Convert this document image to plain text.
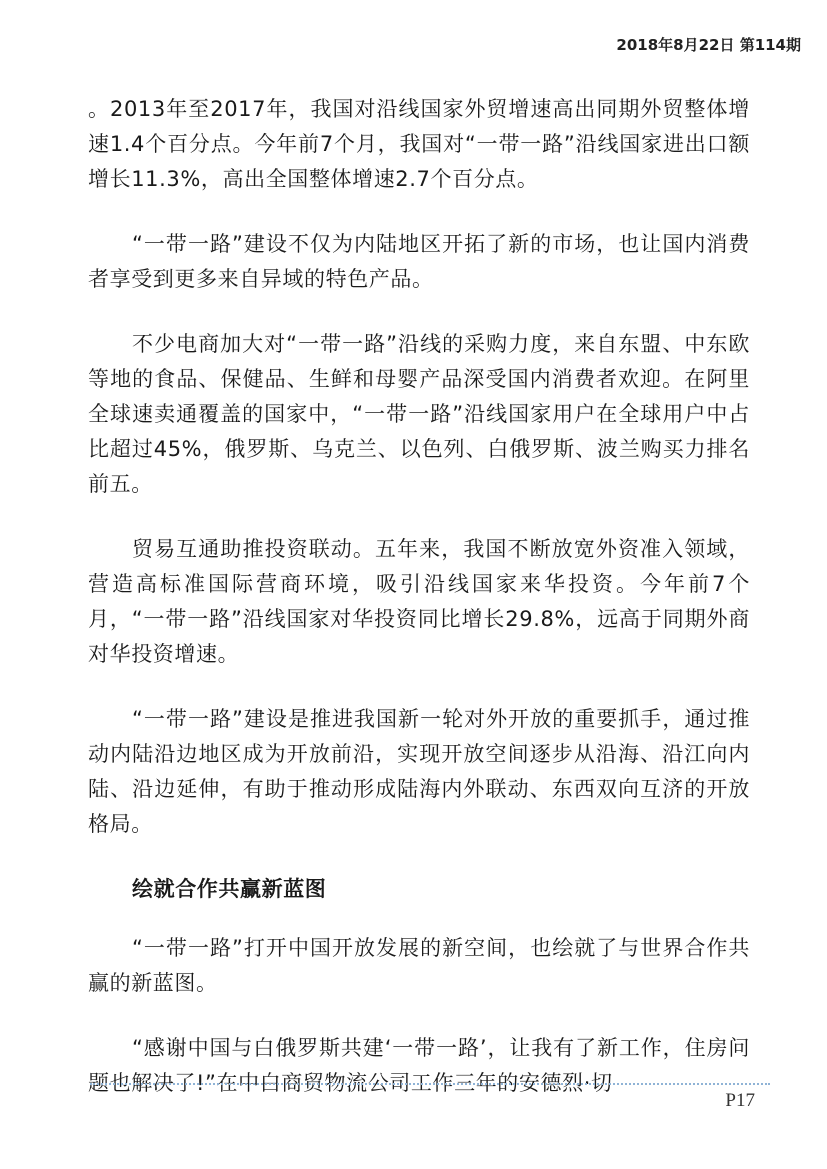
2018年8月22日 第114期

。2013年至2017年，我国对沿线国家外贸增速高出同期外贸整体增速1.4个百分点。今年前7个月，我国对“一带一路”沿线国家进出口额增长11.3%，高出全国整体增速2.7个百分点。

“一带一路”建设不仅为内陆地区开拓了新的市场，也让国内消费者享受到更多来自异域的特色产品。

不少电商加大对“一带一路”沿线的采购力度，来自东盟、中东欧等地的食品、保健品、生鲜和母婴产品深受国内消费者欢迎。在阿里全球速卖通覆盖的国家中，“一带一路”沿线国家用户在全球用户中占比超过45%，俄罗斯、乌克兰、以色列、白俄罗斯、波兰购买力排名前五。

贸易互通助推投资联动。五年来，我国不断放宽外资准入领域，营造高标准国际营商环境，吸引沿线国家来华投资。今年前7个月，“一带一路”沿线国家对华投资同比增长29.8%，远高于同期外商对华投资增速。

“一带一路”建设是推进我国新一轮对外开放的重要抓手，通过推动内陆沿边地区成为开放前沿，实现开放空间逐步从沿海、沿江向内陆、沿边延伸，有助于推动形成陆海内外联动、东西双向互济的开放格局。

绘就合作共赢新蓝图

“一带一路”打开中国开放发展的新空间，也绘就了与世界合作共赢的新蓝图。

“感谢中国与白俄罗斯共建‘一带一路’，让我有了新工作，住房问题也解决了!”在中白商贸物流公司工作三年的安德烈·切

P17
